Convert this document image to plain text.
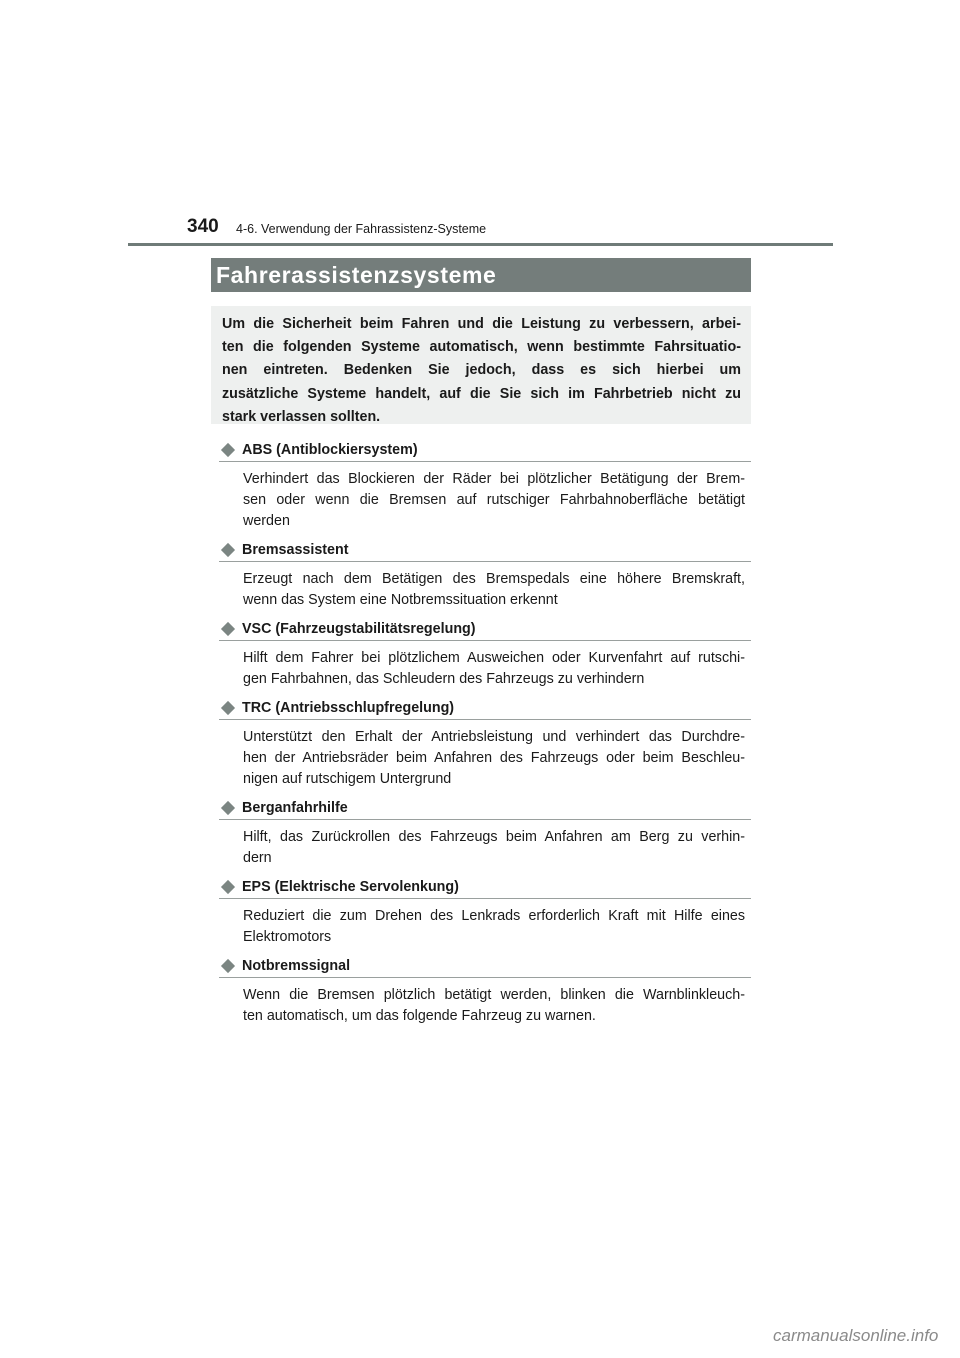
340 4-6. Verwendung der Fahrassistenz-Systeme
Fahrerassistenzsysteme

Um die Sicherheit beim Fahren und die Leistung zu verbessern, arbei-
ten die folgenden Systeme automatisch, wenn bestimmte Fahrsituatio-
nen eintreten. Bedenken Sie jedoch, dass es sich hierbei um
zusätzliche Systeme handelt, auf die Sie sich im Fahrbetrieb nicht zu
stark verlassen sollten.

ABS (Antiblockiersystem)

Verhindert das Blockieren der Räder bei plötzlicher Betätigung der Brem-
sen oder wenn die Bremsen auf rutschiger Fahrbahnoberfläche betätigt
werden

Bremsassistent

Erzeugt nach dem Betätigen des Bremspedals eine höhere Bremskraft,
wenn das System eine Notbremssituation erkennt

VSC (Fahrzeugstabilitätsregelung)

Hilft dem Fahrer bei plötzlichem Ausweichen oder Kurvenfahrt auf rutschi-
gen Fahrbahnen, das Schleudern des Fahrzeugs zu verhindern

TRC (Antriebsschlupfregelung)

Unterstützt den Erhalt der Antriebsleistung und verhindert das Durchdre-
hen der Antriebsräder beim Anfahren des Fahrzeugs oder beim Beschleu-
nigen auf rutschigem Untergrund

Berganfahrhilfe

Hilft, das Zurückrollen des Fahrzeugs beim Anfahren am Berg zu verhin-
dern

EPS (Elektrische Servolenkung)

Reduziert die zum Drehen des Lenkrads erforderlich Kraft mit Hilfe eines
Elektromotors

Notbremssignal

Wenn die Bremsen plötzlich betätigt werden, blinken die Warnblinkleuch-
ten automatisch, um das folgende Fahrzeug zu warnen.

carmanualsonline.info
